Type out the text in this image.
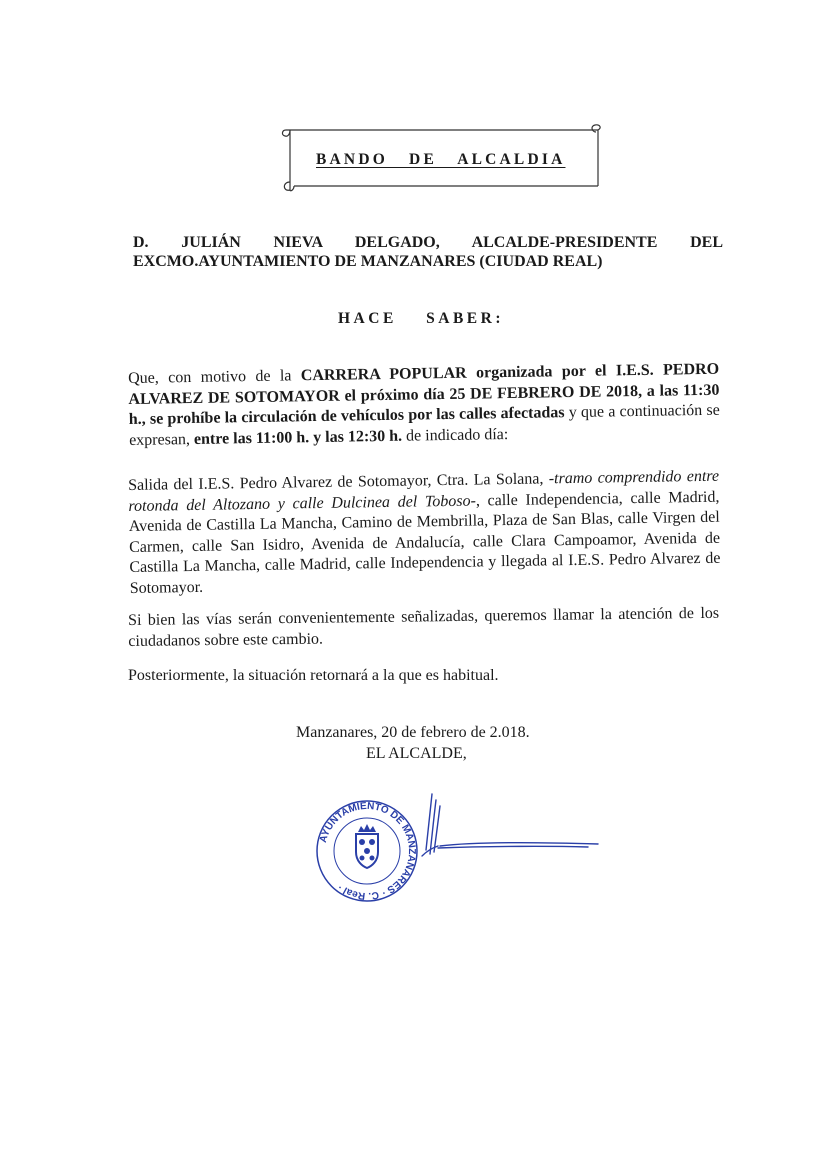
BANDO DE ALCALDIA
D. JULIÁN NIEVA DELGADO, ALCALDE-PRESIDENTE DEL
EXCMO.AYUNTAMIENTO DE MANZANARES (CIUDAD REAL)
HACE SABER:
Que, con motivo de la CARRERA POPULAR organizada por el I.E.S. PEDRO ALVAREZ DE SOTOMAYOR el próximo día 25 DE FEBRERO DE 2018, a las 11:30 h., se prohíbe la circulación de vehículos por las calles afectadas y que a continuación se expresan, entre las 11:00 h. y las 12:30 h. de indicado día:
Salida del I.E.S. Pedro Alvarez de Sotomayor, Ctra. La Solana, -tramo comprendido entre rotonda del Altozano y calle Dulcinea del Toboso-, calle Independencia, calle Madrid, Avenida de Castilla La Mancha, Camino de Membrilla, Plaza de San Blas, calle Virgen del Carmen, calle San Isidro, Avenida de Andalucía, calle Clara Campoamor, Avenida de Castilla La Mancha, calle Madrid, calle Independencia y llegada al I.E.S. Pedro Alvarez de Sotomayor.
Si bien las vías serán convenientemente señalizadas, queremos llamar la atención de los ciudadanos sobre este cambio.
Posteriormente, la situación retornará a la que es habitual.
Manzanares, 20 de febrero de 2.018.
EL ALCALDE,
AYUNTAMIENTO DE MANZANARES · C. Real ·
